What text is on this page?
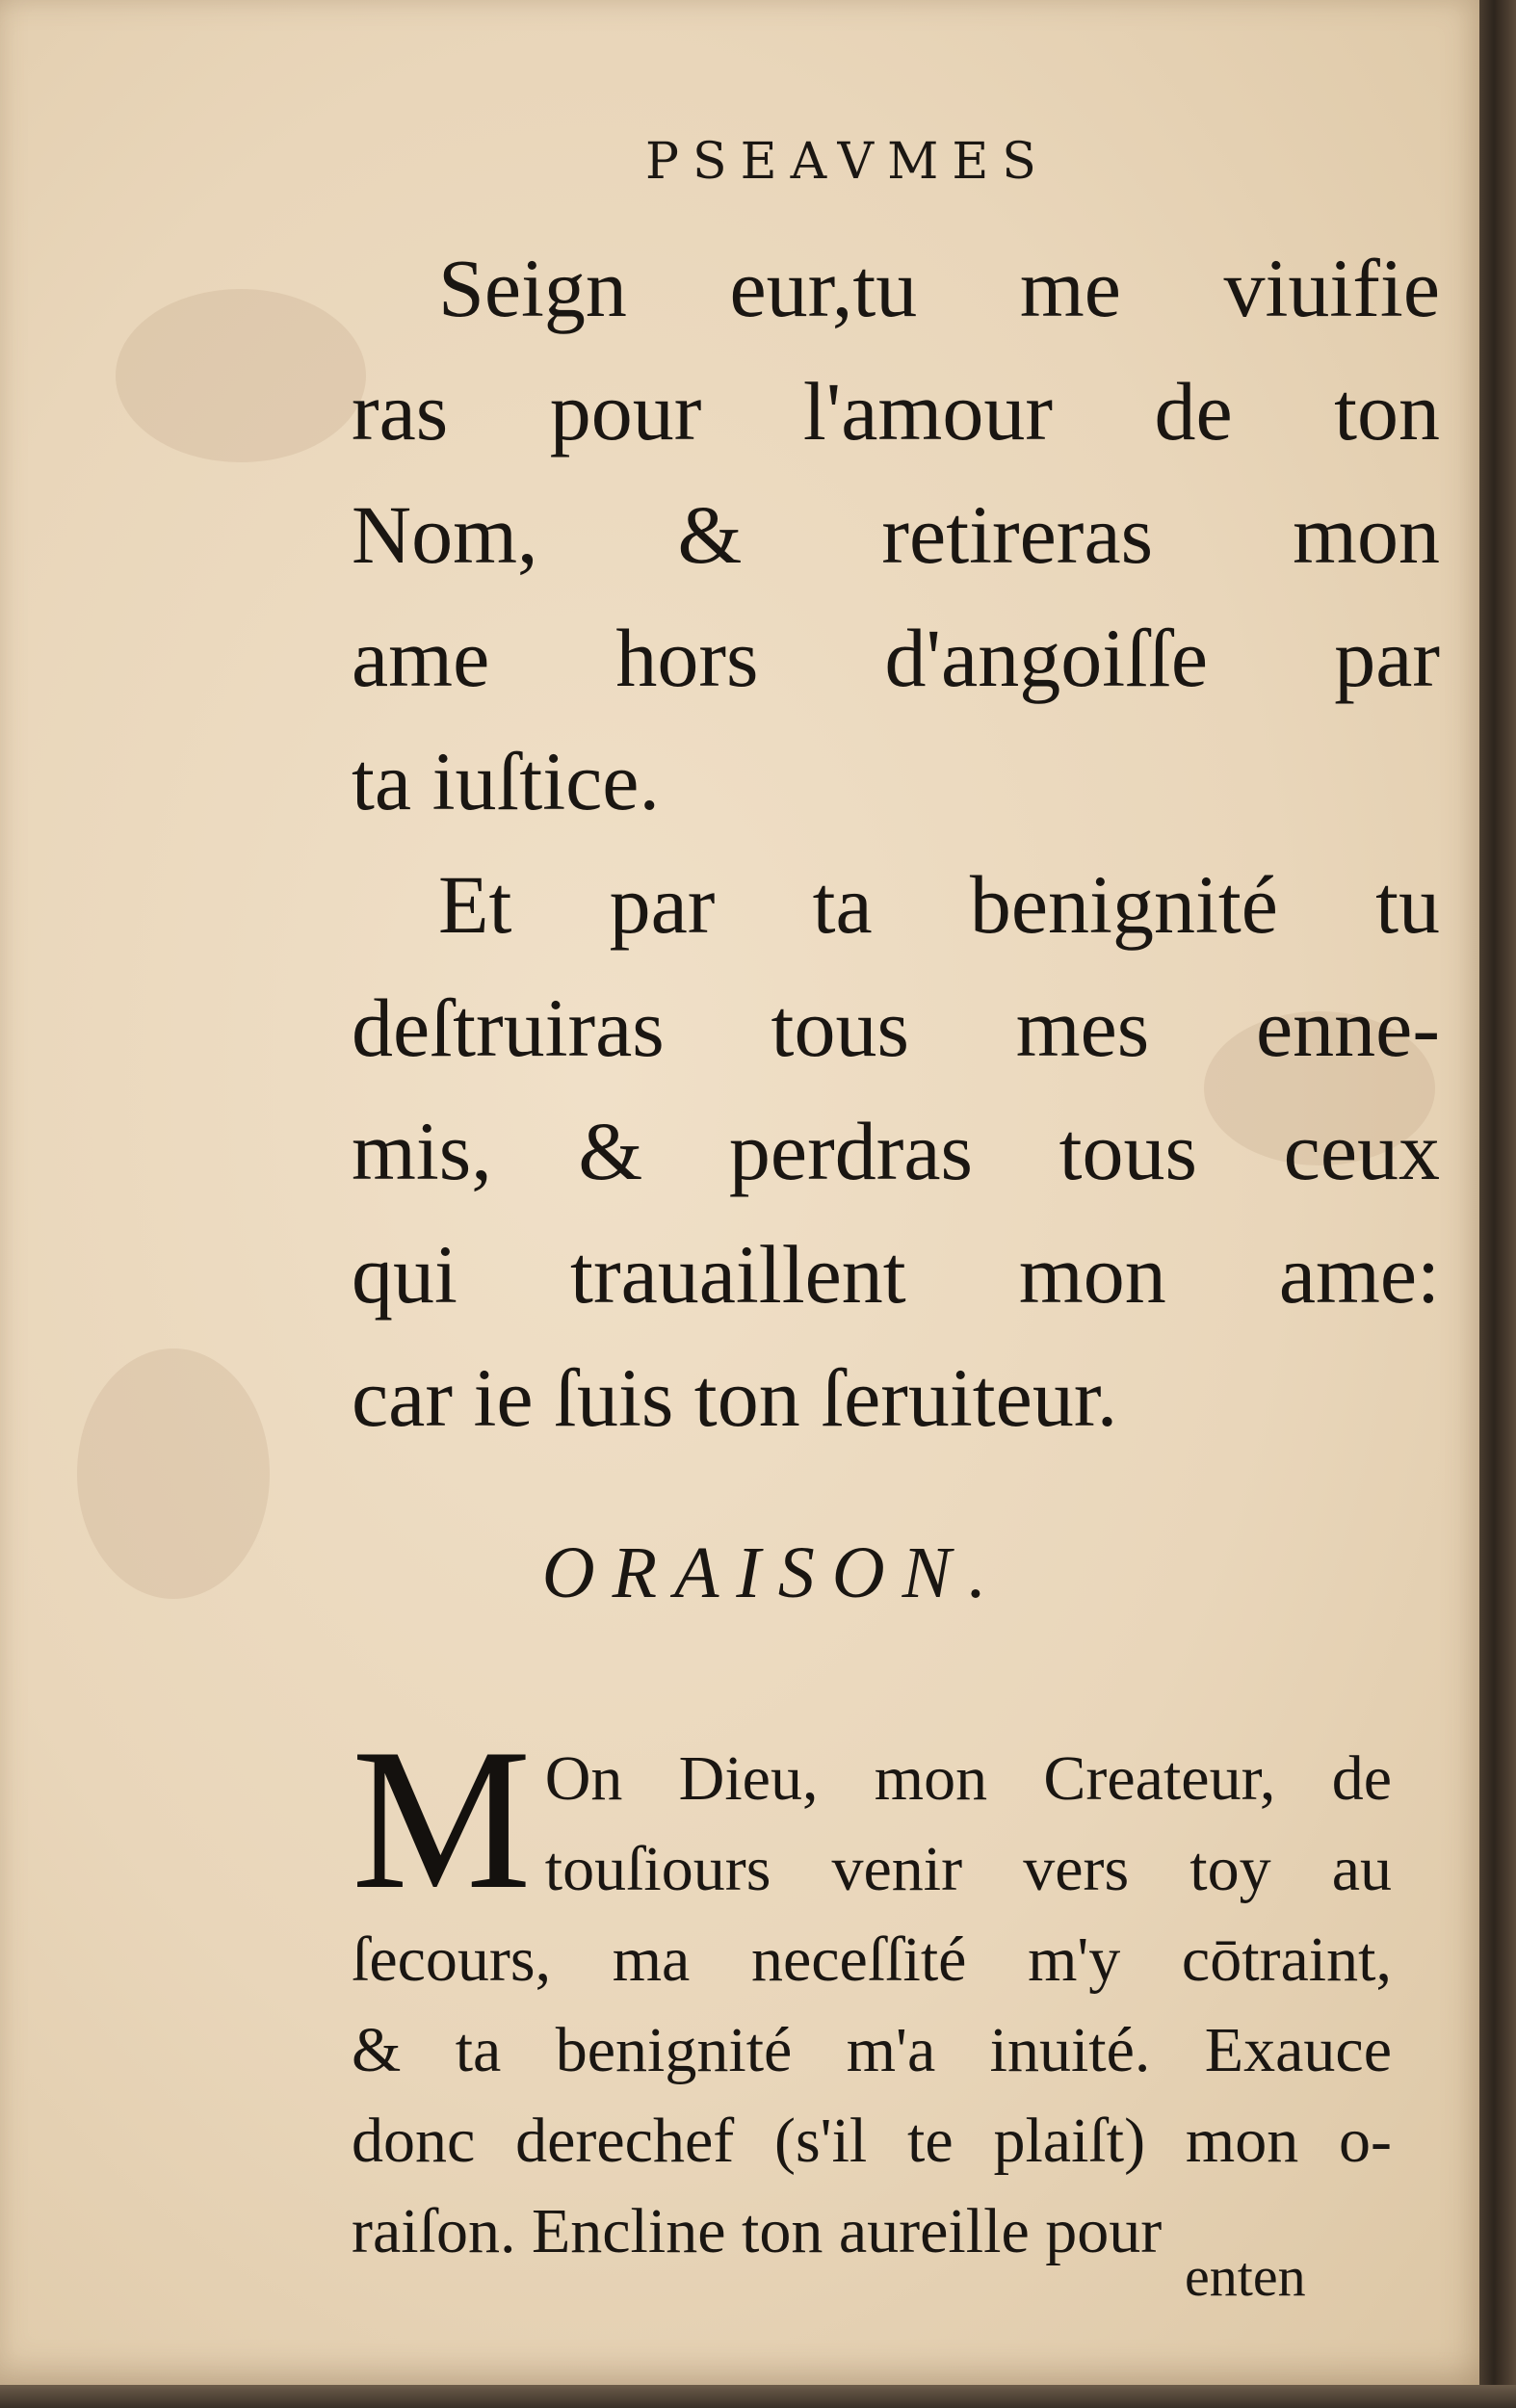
PSEAVMES
Seign eur,tu me viuifie
ras pour l'amour de ton
Nom, & retireras mon
ame hors d'angoiſſe par
ta iuſtice.
Et par ta benignité tu
deſtruiras tous mes enne-
mis, & perdras tous ceux
qui trauaillent mon ame:
car ie ſuis ton ſeruiteur.
ORAISON.
M On Dieu, mon Createur, de
touſiours venir vers toy au
ſecours, ma neceſſité m'y cōtraint,
& ta benignité m'a inuité. Exauce
donc derechef (s'il te plaiſt) mon o-
raiſon. Encline ton aureille pour
enten
